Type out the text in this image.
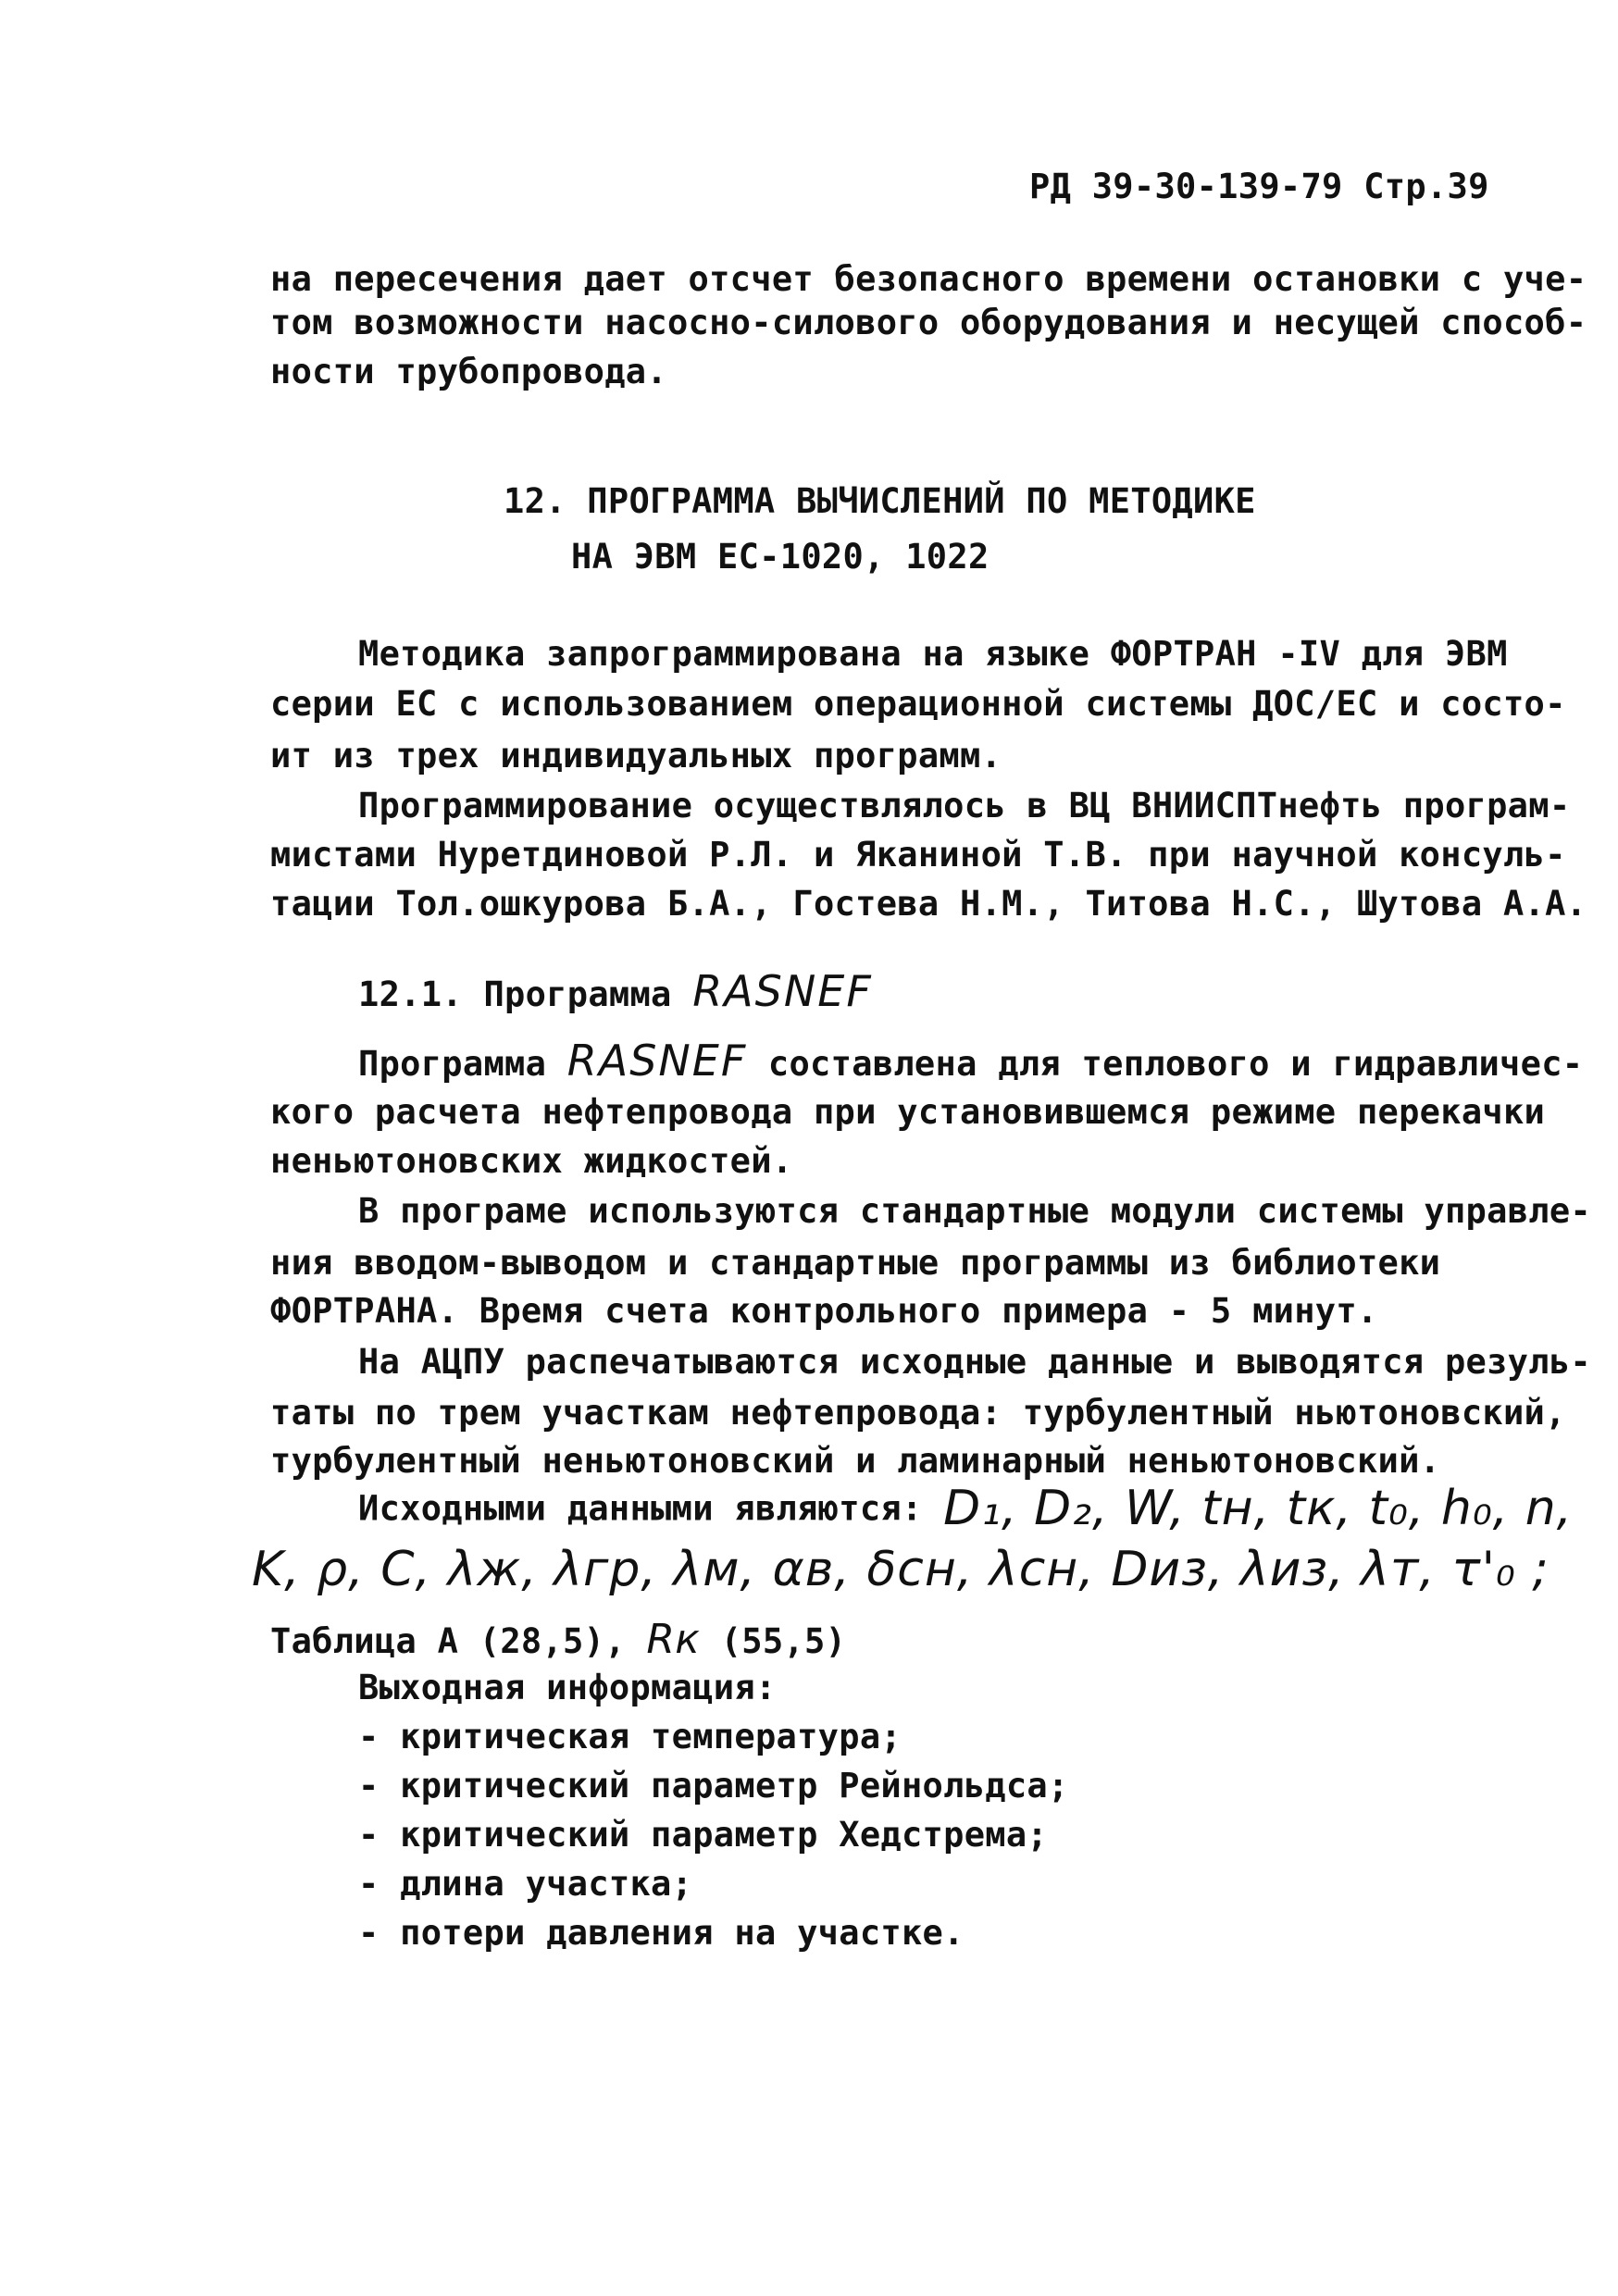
РД 39-30-139-79 Стр.39
на пересечения дает отсчет безопасного времени остановки с уче-
том возможности насосно-силового оборудования и несущей способ-
ности трубопровода.
12. ПРОГРАММА ВЫЧИСЛЕНИЙ ПО МЕТОДИКЕ
НА ЭВМ ЕС-1020, 1022
Методика запрограммирована на языке ФОРТРАН -IV для ЭВМ
серии ЕС с использованием операционной системы ДОС/ЕС и состо-
ит из трех индивидуальных программ.
Программирование осуществлялось в ВЦ ВНИИСПТнефть програм-
мистами Нуретдиновой Р.Л. и Яканиной Т.В. при научной консуль-
тации Тол.ошкурова Б.А., Гостева Н.М., Титова Н.С., Шутова А.А.
12.1. Программа RASNEF
Программа RASNEF составлена для теплового и гидравличес-
кого расчета нефтепровода при установившемся режиме перекачки
неньютоновских жидкостей.
В програме используются стандартные модули системы управле-
ния вводом-выводом и стандартные программы из библиотеки
ФОРТРАНА. Время счета контрольного примера - 5 минут.
На АЦПУ распечатываются исходные данные и выводятся резуль-
таты по трем участкам нефтепровода: турбулентный ньютоновский,
турбулентный неньютоновский и ламинарный неньютоновский.
Исходными данными являются: D₁, D₂, W, tн, tк, t₀, h₀, n,
K, ρ, C, λж, λгр, λм, αв, δсн, λсн, Dиз, λиз, λт, τ'₀ ;
Таблица А (28,5), Rк (55,5)
Выходная информация:
- критическая температура;
- критический параметр Рейнольдса;
- критический параметр Хедстрема;
- длина участка;
- потери давления на участке.
